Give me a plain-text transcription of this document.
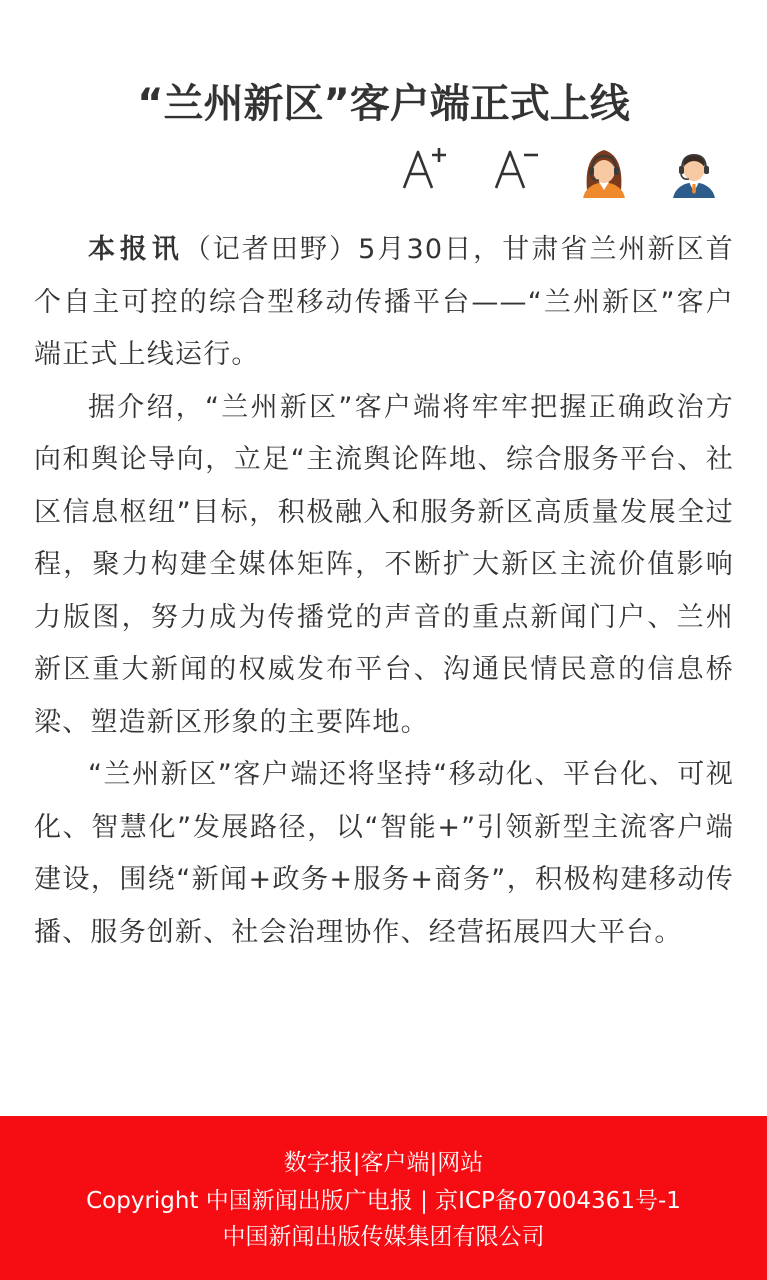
“兰州新区”客户端正式上线

本报讯（记者田野）5月30日，甘肃省兰州新区首个自主可控的综合型移动传播平台——“兰州新区”客户端正式上线运行。

据介绍，“兰州新区”客户端将牢牢把握正确政治方向和舆论导向，立足“主流舆论阵地、综合服务平台、社区信息枢纽”目标，积极融入和服务新区高质量发展全过程，聚力构建全媒体矩阵，不断扩大新区主流价值影响力版图，努力成为传播党的声音的重点新闻门户、兰州新区重大新闻的权威发布平台、沟通民情民意的信息桥梁、塑造新区形象的主要阵地。

“兰州新区”客户端还将坚持“移动化、平台化、可视化、智慧化”发展路径，以“智能+”引领新型主流客户端建设，围绕“新闻+政务+服务+商务”，积极构建移动传播、服务创新、社会治理协作、经营拓展四大平台。

数字报|客户端|网站
Copyright 中国新闻出版广电报 | 京ICP备07004361号-1
中国新闻出版传媒集团有限公司
